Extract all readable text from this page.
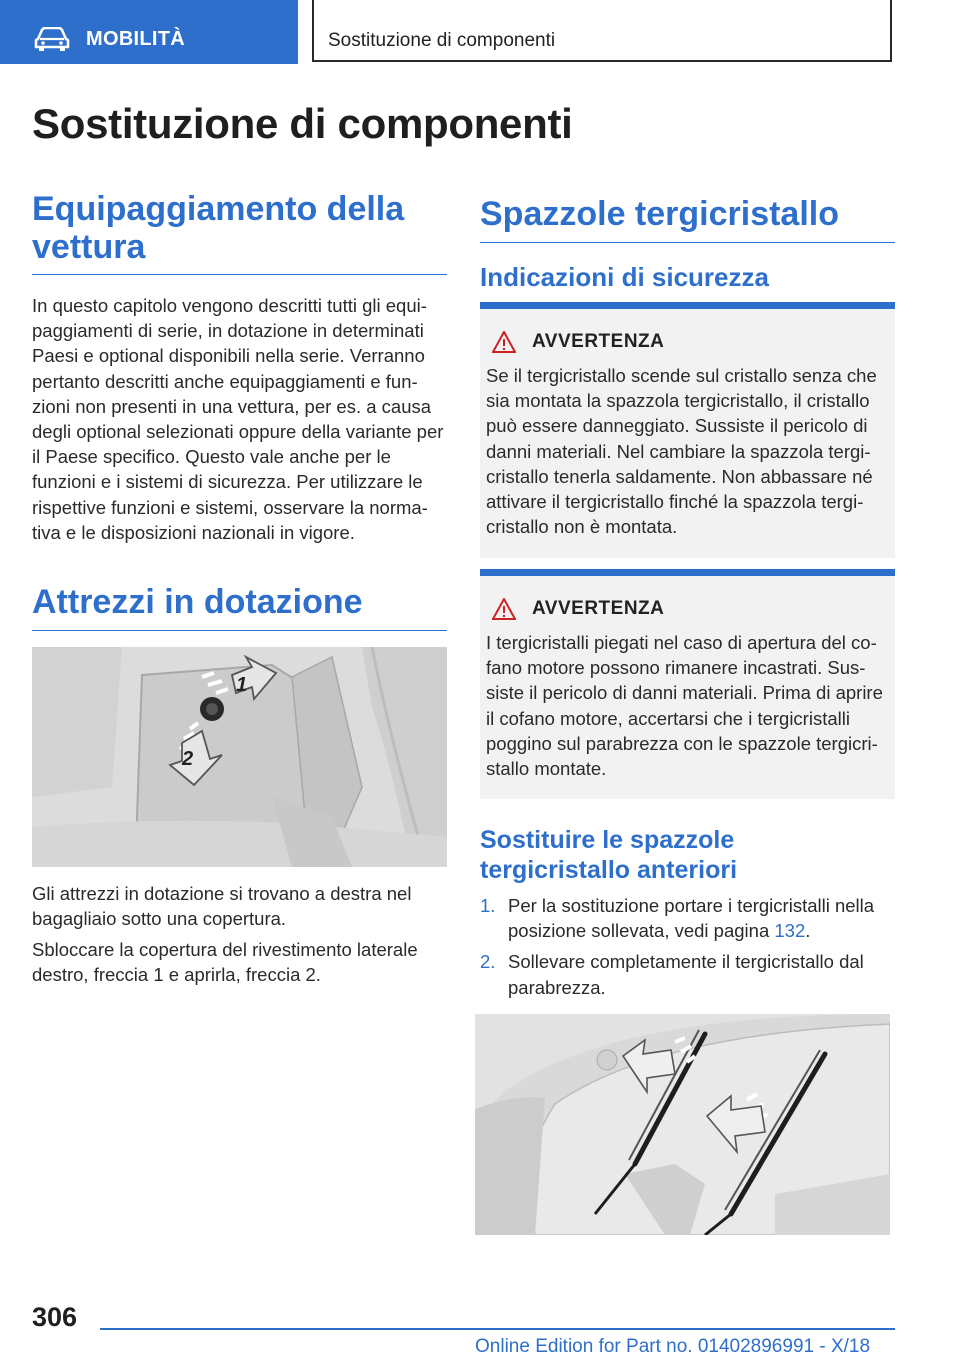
MOBILITÀ	Sostituzione di componenti
Sostituzione di componenti
Equipaggiamento della vettura

In questo capitolo vengono descritti tutti gli equi‐paggiamenti di serie, in dotazione in determinati Paesi e optional disponibili nella serie. Verranno pertanto descritti anche equipaggiamenti e fun‐zioni non presenti in una vettura, per es. a causa degli optional selezionati oppure della variante per il Paese specifico. Questo vale anche per le funzioni e i sistemi di sicurezza. Per utilizzare le rispettive funzioni e sistemi, osservare la norma‐tiva e le disposizioni nazionali in vigore.

Attrezzi in dotazione
1
2

Gli attrezzi in dotazione si trovano a destra nel bagagliaio sotto una copertura.

Sbloccare la copertura del rivestimento laterale destro, freccia 1 e aprirla, freccia 2.

Spazzole tergicristallo
Indicazioni di sicurezza
AVVERTENZA

Se il tergicristallo scende sul cristallo senza che sia montata la spazzola tergicristallo, il cristallo può essere danneggiato. Sussiste il pericolo di danni materiali. Nel cambiare la spazzola tergi‐cristallo tenerla saldamente. Non abbassare né attivare il tergicristallo finché la spazzola tergi‐cristallo non è montata.

AVVERTENZA

I tergicristalli piegati nel caso di apertura del co‐fano motore possono rimanere incastrati. Sus‐siste il pericolo di danni materiali. Prima di aprire il cofano motore, accertarsi che i tergicristalli poggino sul parabrezza con le spazzole tergicri‐stallo montate.

Sostituire le spazzole tergicristallo anteriori
1. Per la sostituzione portare i tergicristalli nella posizione sollevata, vedi pagina 132.
2. Sollevare completamente il tergicristallo dal parabrezza.
306
Online Edition for Part no. 01402896991 - X/18
